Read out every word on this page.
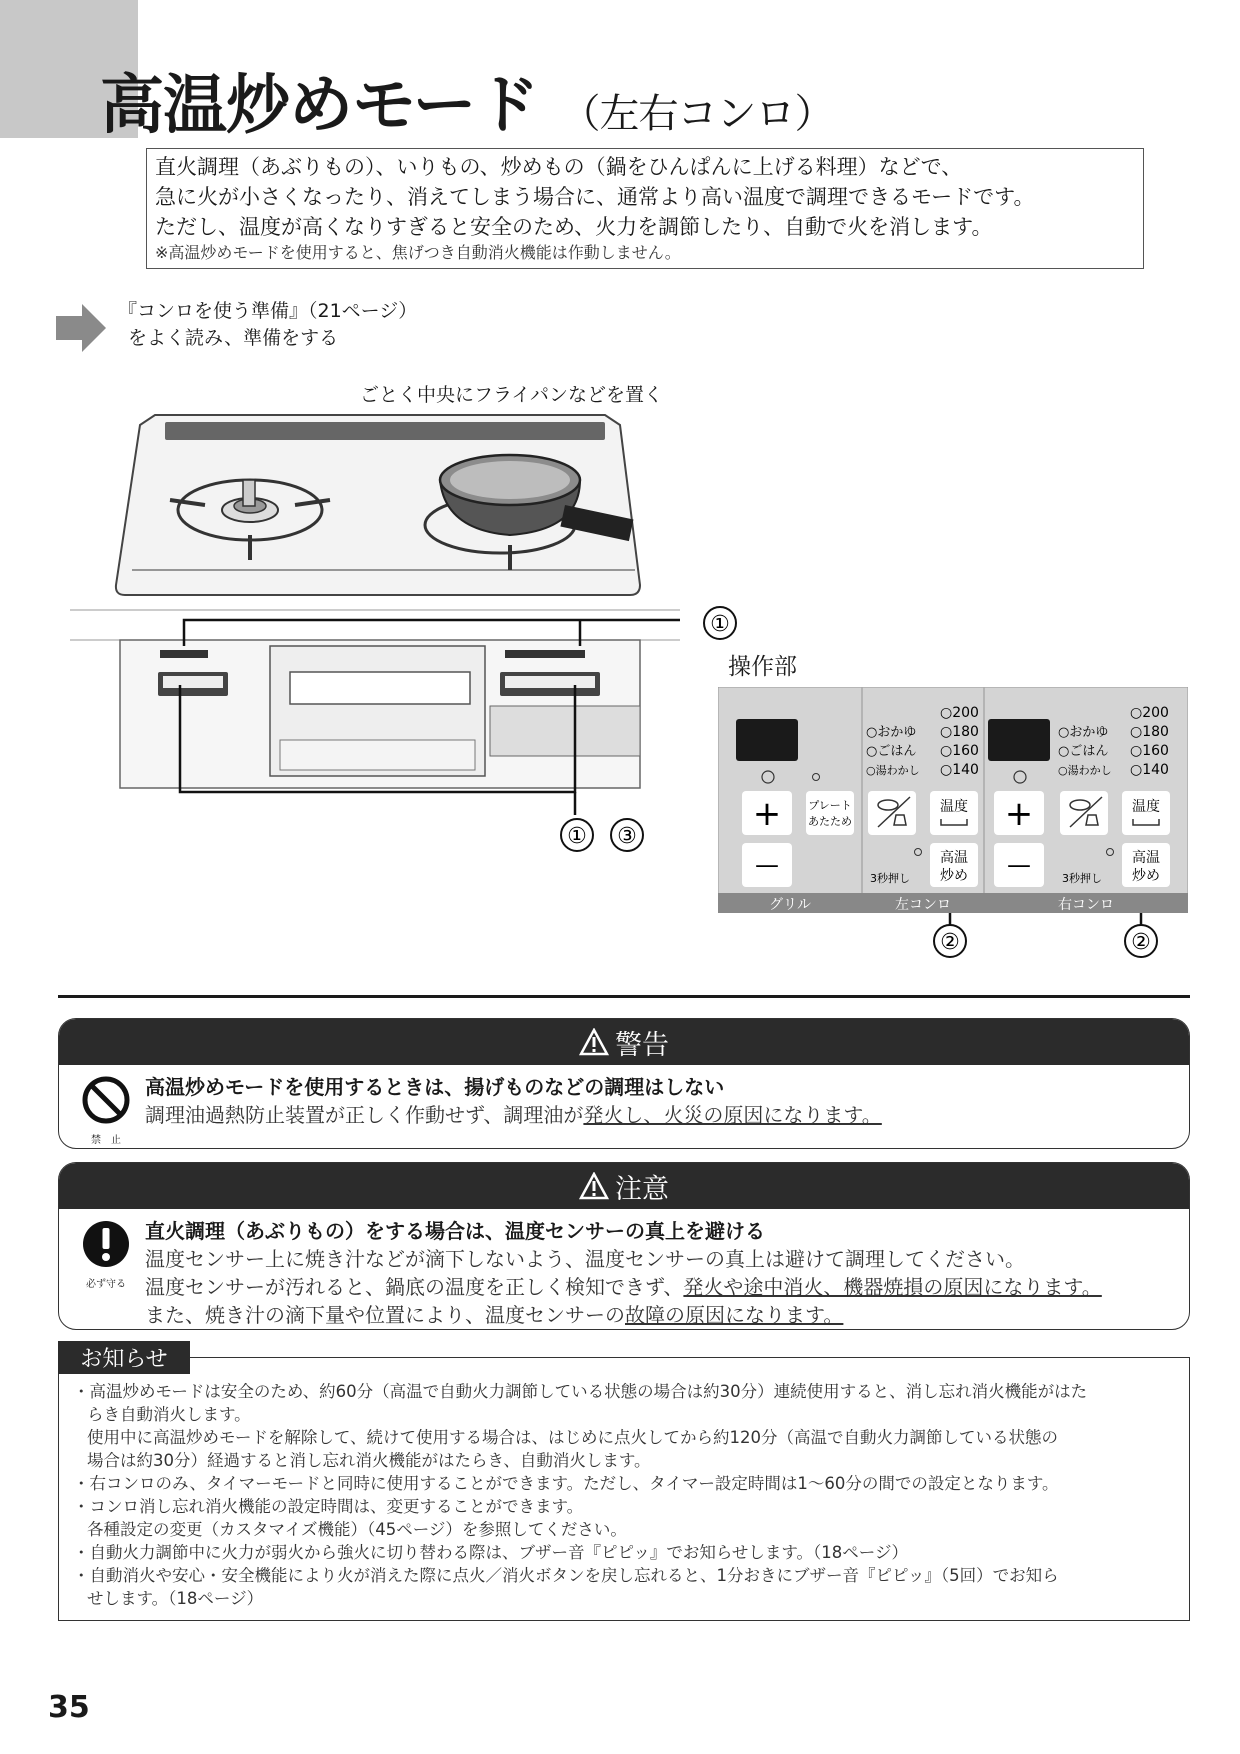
高温炒めモード （左右コンロ）

直火調理（あぶりもの）、いりもの、炒めもの（鍋をひんぱんに上げる料理）などで、

急に火が小さくなったり、消えてしまう場合に、通常より高い温度で調理できるモードです。

ただし、温度が高くなりすぎると安全のため、火力を調節したり、自動で火を消します。

※高温炒めモードを使用すると、焦げつき自動消火機能は作動しません。

『コンロを使う準備』（21ページ）
をよく読み、準備をする
ごとく中央にフライパンなどを置く
操作部
①
① ③
②	②
グリル	左コンロ	右コンロ
+
—
プレート
あたため
○200
○180
○160
○140
○おかゆ
○ごはん
○湯わかし
温度
3秒押し
高温
炒め
+
—
○200
○180
○160
○140
○おかゆ
○ごはん
○湯わかし
温度
3秒押し
高温
炒め
警告
禁　止
高温炒めモードを使用するときは、揚げものなどの調理はしない
調理油過熱防止装置が正しく作動せず、調理油が発火し、火災の原因になります。
注意
必ず守る
直火調理（あぶりもの）をする場合は、温度センサーの真上を避ける
温度センサー上に焼き汁などが滴下しないよう、温度センサーの真上は避けて調理してください。
温度センサーが汚れると、鍋底の温度を正しく検知できず、発火や途中消火、機器焼損の原因になります。
また、焼き汁の滴下量や位置により、温度センサーの故障の原因になります。

・高温炒めモードは安全のため、約60分（高温で自動火力調節している状態の場合は約30分）連続使用すると、消し忘れ消火機能がはた

らき自動消火します。

使用中に高温炒めモードを解除して、続けて使用する場合は、はじめに点火してから約120分（高温で自動火力調節している状態の

場合は約30分）経過すると消し忘れ消火機能がはたらき、自動消火します。

・右コンロのみ、タイマーモードと同時に使用することができます。ただし、タイマー設定時間は1～60分の間での設定となります。

・コンロ消し忘れ消火機能の設定時間は、変更することができます。

各種設定の変更（カスタマイズ機能）（45ページ）を参照してください。

・自動火力調節中に火力が弱火から強火に切り替わる際は、ブザー音『ピピッ』でお知らせします。（18ページ）

・自動消火や安心・安全機能により火が消えた際に点火／消火ボタンを戻し忘れると、1分おきにブザー音『ピピッ』（5回）でお知ら

せします。（18ページ）

お知らせ
35
